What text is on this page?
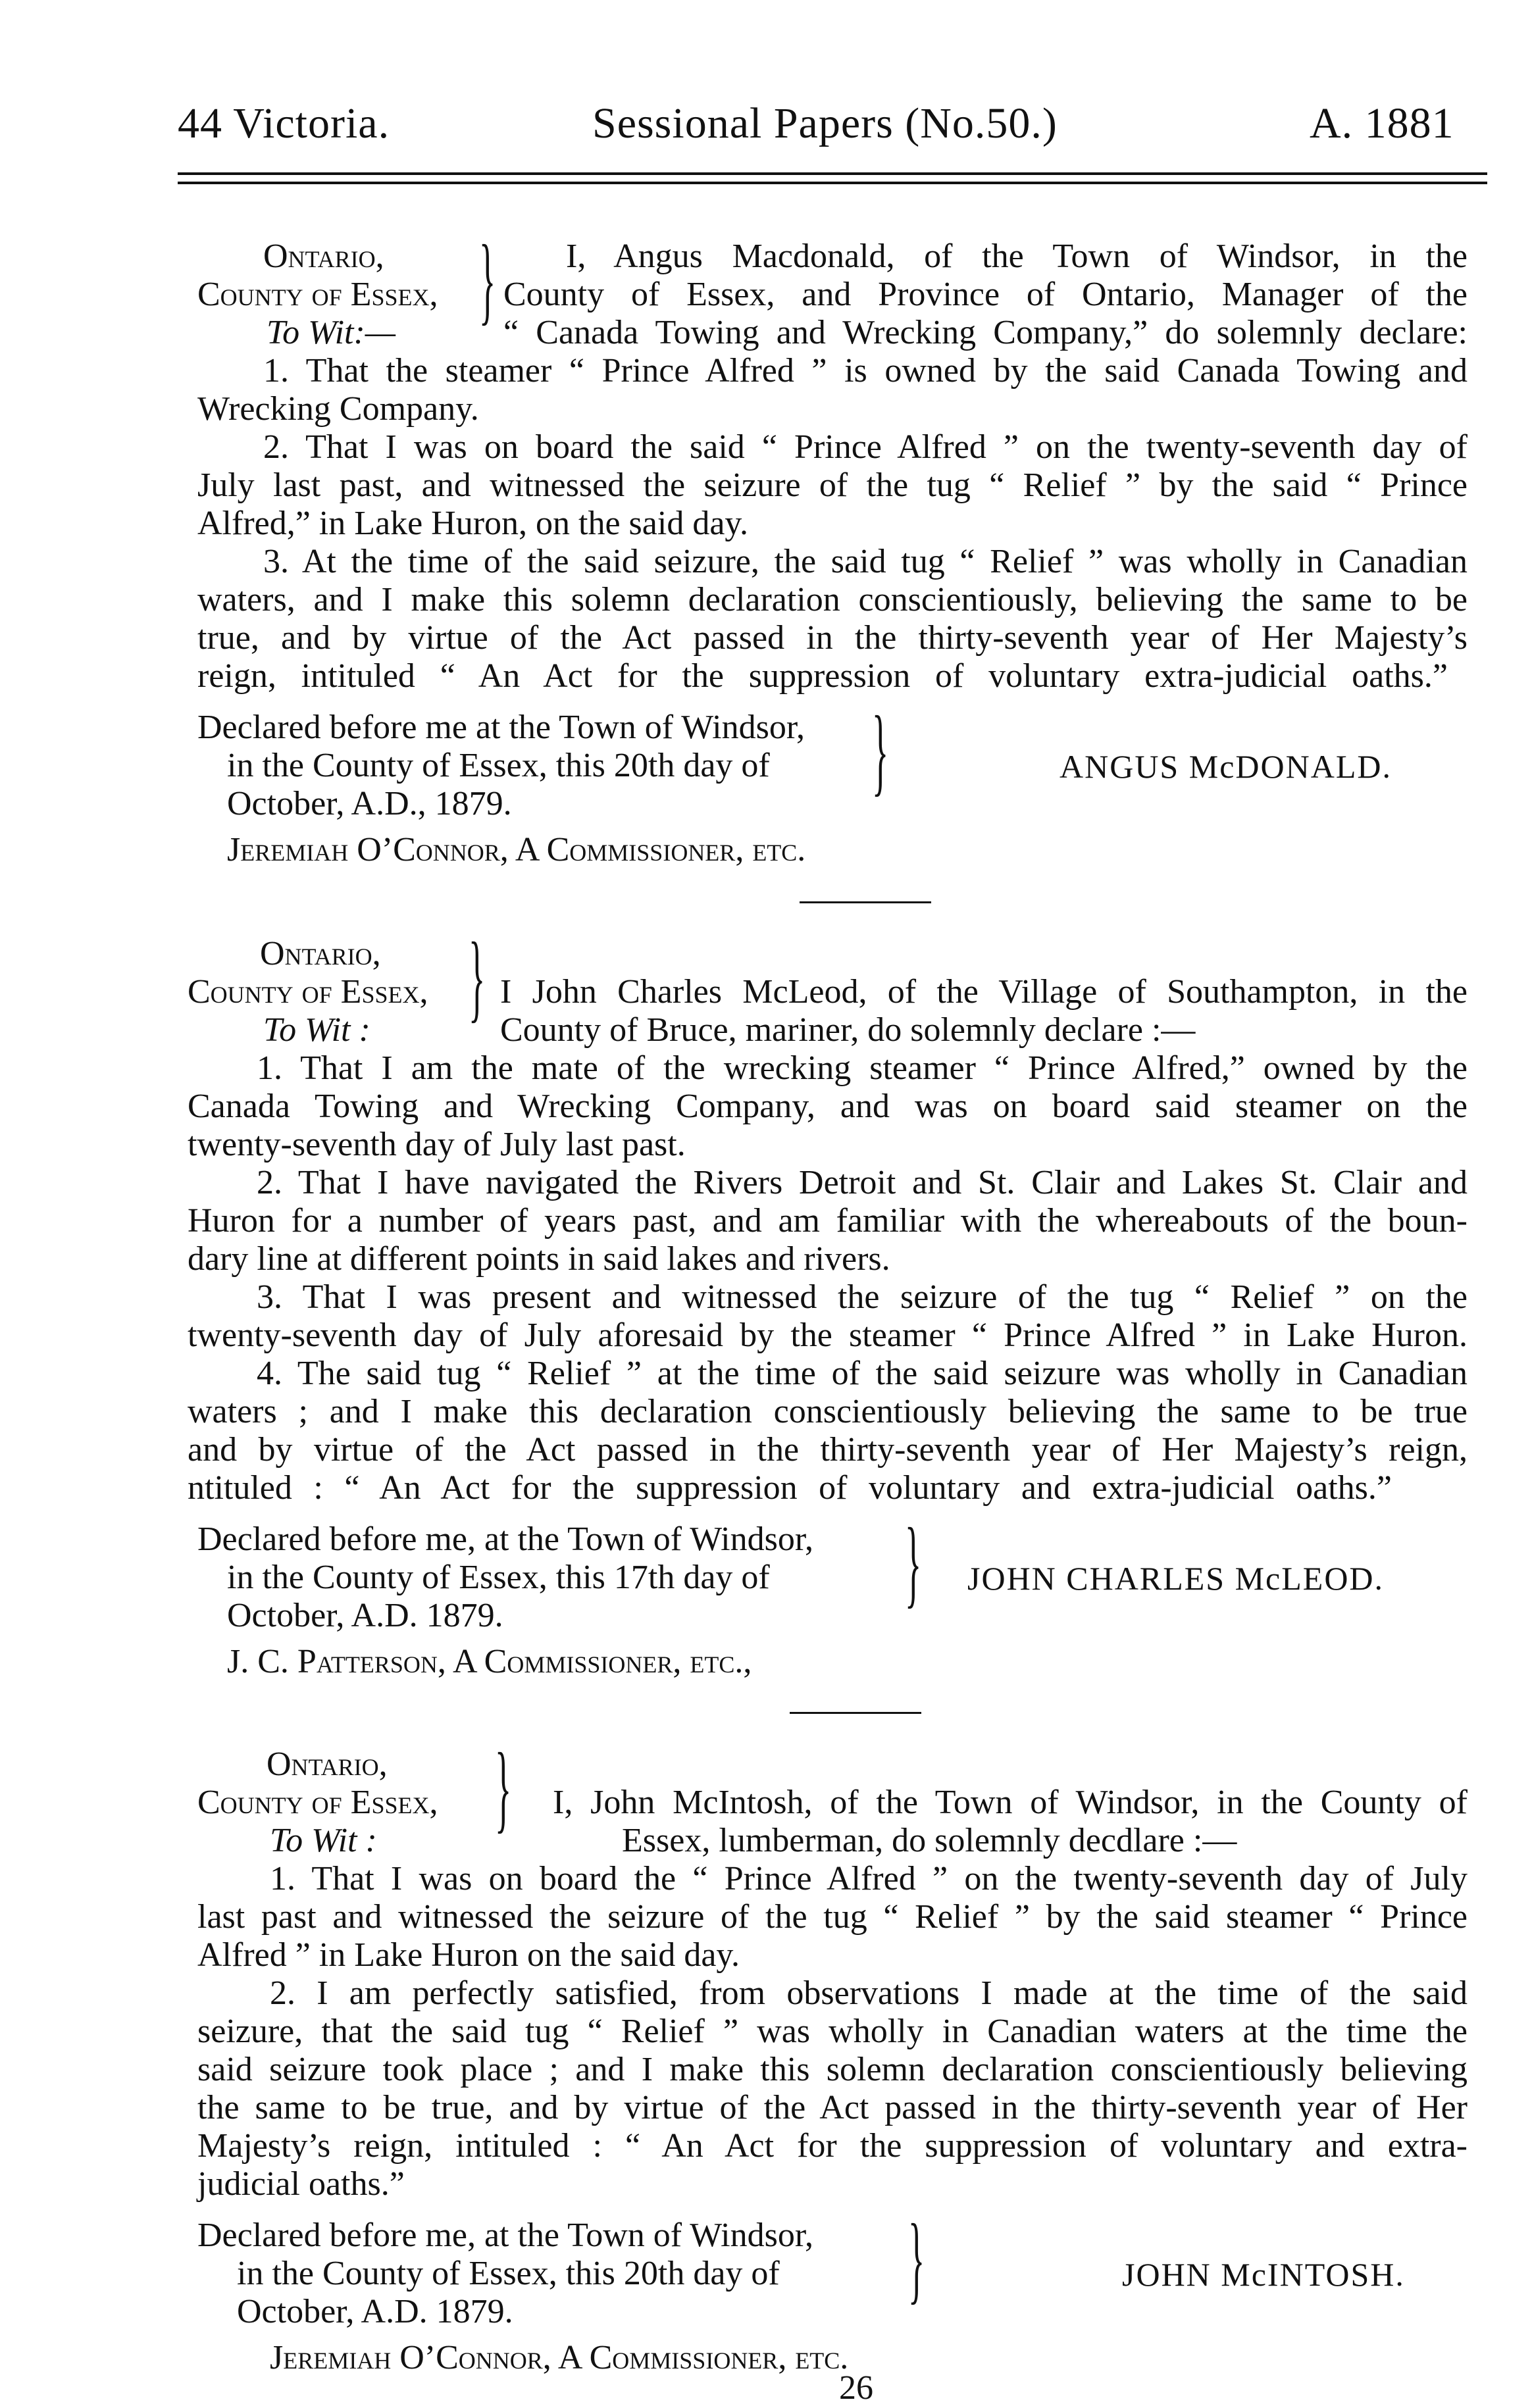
44 Victoria.	Sessional Papers (No.50.)	A. 1881
Ontario,
County of Essex,
To Wit:— } I, Angus Macdonald, of the Town of Windsor, in the
County of Essex, and Province of Ontario, Manager of the
“ Canada Towing and Wrecking Company,” do solemnly declare:
1. That the steamer “ Prince Alfred ” is owned by the said Canada Towing and
Wrecking Company.
2. That I was on board the said “ Prince Alfred ” on the twenty-seventh day of
July last past, and witnessed the seizure of the tug “ Relief ” by the said “ Prince
Alfred,” in Lake Huron, on the said day.
3. At the time of the said seizure, the said tug “ Relief ” was wholly in Canadian
waters, and I make this solemn declaration conscientiously, believing the same to be
true, and by virtue of the Act passed in the thirty-seventh year of Her Majesty’s
reign, intituled “ An Act for the suppression of voluntary extra-judicial oaths.”
Declared before me at the Town of Windsor,
in the County of Essex, this 20th day of
October, A.D., 1879.	}	ANGUS McDONALD.
Jeremiah O’Connor, A Commissioner, etc.
Ontario,
County of Essex,
To Wit : } I John Charles McLeod, of the Village of Southampton, in the
County of Bruce, mariner, do solemnly declare :—
1. That I am the mate of the wrecking steamer “ Prince Alfred,” owned by the
Canada Towing and Wrecking Company, and was on board said steamer on the
twenty-seventh day of July last past.
2. That I have navigated the Rivers Detroit and St. Clair and Lakes St. Clair and
Huron for a number of years past, and am familiar with the whereabouts of the boun-
dary line at different points in said lakes and rivers.
3. That I was present and witnessed the seizure of the tug “ Relief ” on the
twenty-seventh day of July aforesaid by the steamer “ Prince Alfred ” in Lake Huron.
4. The said tug “ Relief ” at the time of the said seizure was wholly in Canadian
waters ; and I make this declaration conscientiously believing the same to be true
and by virtue of the Act passed in the thirty-seventh year of Her Majesty’s reign,
ntituled : “ An Act for the suppression of voluntary and extra-judicial oaths.”
Declared before me, at the Town of Windsor,
in the County of Essex, this 17th day of
October, A.D. 1879.	} JOHN CHARLES McLEOD.
J. C. Patterson, A Commissioner, etc.,
Ontario,
County of Essex,
To Wit : } I, John McIntosh, of the Town of Windsor, in the County of
Essex, lumberman, do solemnly decdlare :—
1. That I was on board the “ Prince Alfred ” on the twenty-seventh day of July
last past and witnessed the seizure of the tug “ Relief ” by the said steamer “ Prince
Alfred ” in Lake Huron on the said day.
2. I am perfectly satisfied, from observations I made at the time of the said
seizure, that the said tug “ Relief ” was wholly in Canadian waters at the time the
said seizure took place ; and I make this solemn declaration conscientiously believing
the same to be true, and by virtue of the Act passed in the thirty-seventh year of Her
Majesty’s reign, intituled : “ An Act for the suppression of voluntary and extra-
judicial oaths.”
Declared before me, at the Town of Windsor,
in the County of Essex, this 20th day of
October, A.D. 1879.	}	JOHN McINTOSH.
Jeremiah O’Connor, A Commissioner, etc.
26
